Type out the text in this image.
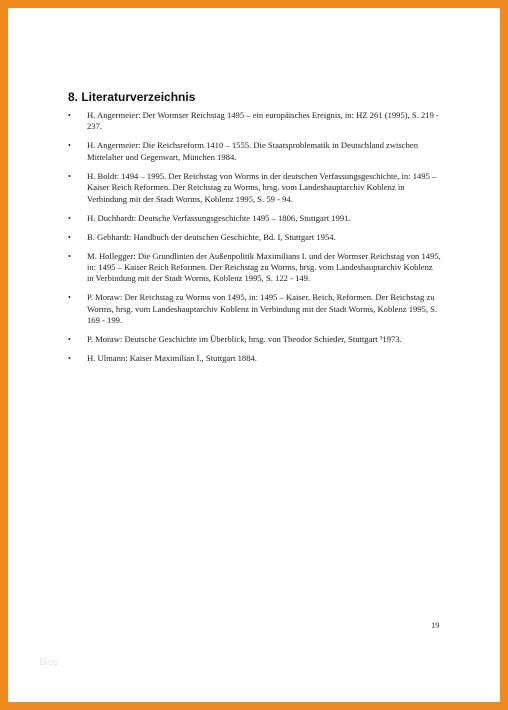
8. Literaturverzeichnis
• H. Angermeier: Der Wormser Reichstag 1495 – ein europäisches Ereignis, in: HZ 261 (1995), S. 219 - 237.
• H. Angermeier: Die Reichsreform 1410 – 1555. Die Staatsproblematik in Deutschland zwischen Mittelalter und Gegenwart, München 1984.
• H. Boldt: 1494 – 1995. Der Reichstag von Worms in der deutschen Verfassungsgeschichte, in: 1495 – Kaiser Reich Reformen. Der Reichstag zu Worms, hrsg. vom Landeshauptarchiv Koblenz in Verbindung mit der Stadt Worms, Koblenz 1995, S. 59 - 94.
• H. Duchhardt: Deutsche Verfassungsgeschichte 1495 – 1806, Stuttgart 1991.
• B. Gebhardt: Handbuch der deutschen Geschichte, Bd. I, Stuttgart 1954.
• M. Hollegger: Die Grundlinien der Außenpolitik Maximilians I. und der Wormser Reichstag von 1495, in: 1495 – Kaiser Reich Reformen. Der Reichstag zu Worms, hrsg. vom Landeshauptarchiv Koblenz in Verbindung mit der Stadt Worms, Koblenz 1995, S. 122 - 149.
• P. Moraw: Der Reichstag zu Worms von 1495, in: 1495 – Kaiser, Reich, Reformen. Der Reichstag zu Worms, hrsg. vom Landeshauptarchiv Koblenz in Verbindung mit der Stadt Worms, Koblenz 1995, S. 169 - 199.
• P. Moraw: Deutsche Geschichte im Überblick, hrsg. von Theodor Schieder, Stuttgart ³1973.
• H. Ulmann: Kaiser Maximilian I., Stuttgart 1884.
19
Blog
